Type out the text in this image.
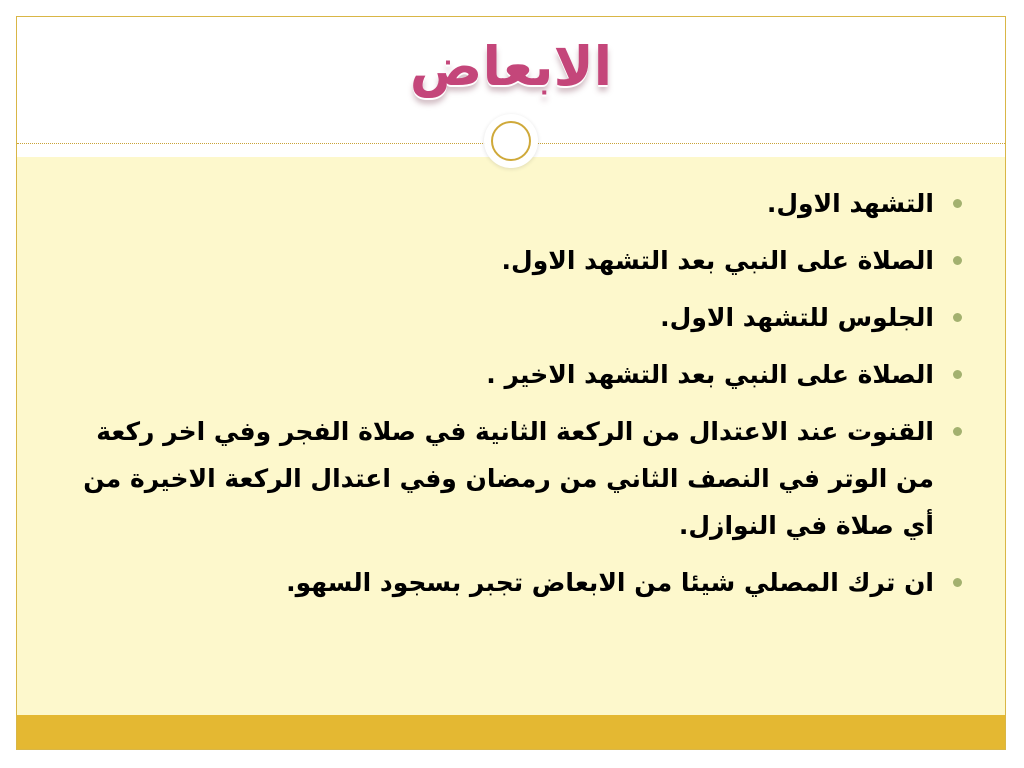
الابعاض
التشهد الاول.
الصلاة على النبي بعد التشهد الاول.
الجلوس للتشهد الاول.
الصلاة على النبي بعد التشهد الاخير .
القنوت عند الاعتدال من الركعة الثانية في صلاة الفجر وفي اخر ركعة من الوتر في النصف الثاني من رمضان وفي اعتدال الركعة الاخيرة من أي صلاة في النوازل.
ان ترك المصلي شيئا من الابعاض تجبر بسجود السهو.
